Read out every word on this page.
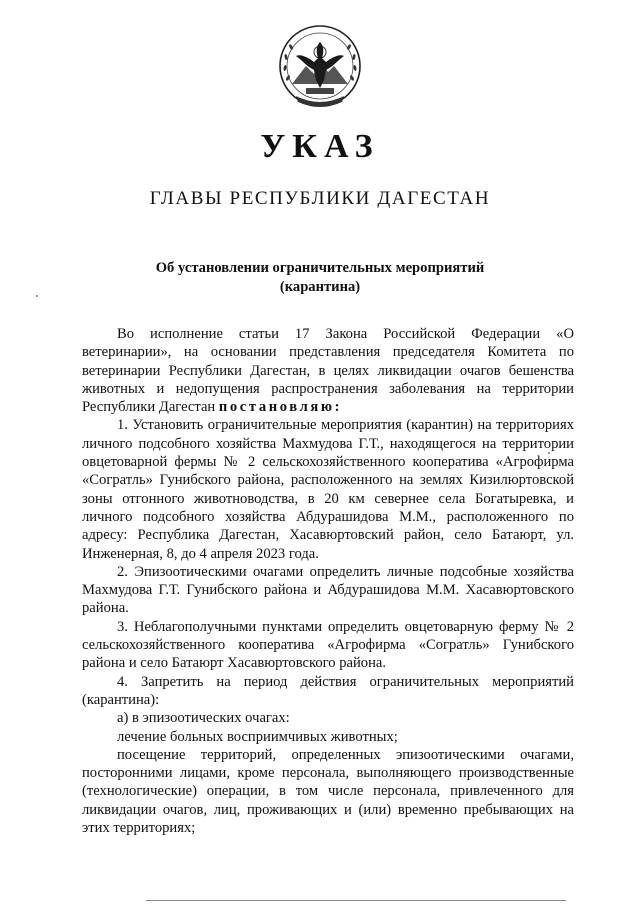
УКАЗ
ГЛАВЫ РЕСПУБЛИКИ ДАГЕСТАН
Об установлении ограничительных мероприятий
(карантина)

Во исполнение статьи 17 Закона Российской Федерации «О ветеринарии», на основании представления председателя Комитета по ветеринарии Республики Дагестан, в целях ликвидации очагов бешенства животных и недопущения распространения заболевания на территории Республики Дагестан постановляю:

1. Установить ограничительные мероприятия (карантин) на территориях личного подсобного хозяйства Махмудова Г.Т., находящегося на территории овцетоварной фермы № 2 сельскохозяйственного кооператива «Агрофирма «Согратль» Гунибского района, расположенного на землях Кизилюртовской зоны отгонного животноводства, в 20 км севернее села Богатыревка, и личного подсобного хозяйства Абдурашидова М.М., расположенного по адресу: Республика Дагестан, Хасавюртовский район, село Батаюрт, ул. Инженерная, 8, до 4 апреля 2023 года.

2. Эпизоотическими очагами определить личные подсобные хозяйства Махмудова Г.Т. Гунибского района и Абдурашидова М.М. Хасавюртовского района.

3. Неблагополучными пунктами определить овцетоварную ферму № 2 сельскохозяйственного кооператива «Агрофирма «Согратль» Гунибского района и село Батаюрт Хасавюртовского района.

4. Запретить на период действия ограничительных мероприятий (карантина):

а) в эпизоотических очагах:

лечение больных восприимчивых животных;

посещение территорий, определенных эпизоотическими очагами, посторонними лицами, кроме персонала, выполняющего производственные (технологические) операции, в том числе персонала, привлеченного для ликвидации очагов, лиц, проживающих и (или) временно пребывающих на этих территориях;
